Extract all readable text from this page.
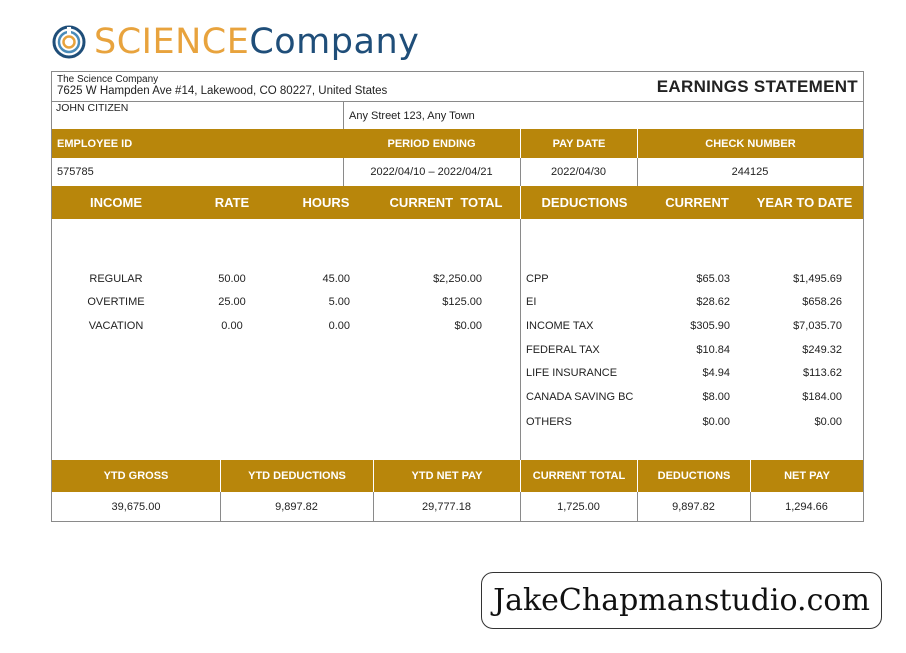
SCIENCECompany
The Science Company
7625 W Hampden Ave #14, Lakewood, CO 80227, United States	EARNINGS STATEMENT
JOHN CITIZEN
Any Street 123, Any Town
EMPLOYEE ID	PERIOD ENDING	PAY DATE	CHECK NUMBER
575785	2022/04/10 – 2022/04/21	2022/04/30	244125
INCOME	RATE	HOURS	CURRENT  TOTAL	DEDUCTIONS	CURRENT	YEAR TO DATE
REGULAR	50.00	45.00	$2,250.00
OVERTIME	25.00	5.00	$125.00
VACATION	0.00	0.00	$0.00
CPP	$65.03	$1,495.69
EI	$28.62	$658.26
INCOME TAX	$305.90	$7,035.70
FEDERAL TAX	$10.84	$249.32
LIFE INSURANCE	$4.94	$113.62
CANADA SAVING BC	$8.00	$184.00
OTHERS	$0.00	$0.00
YTD GROSS	YTD DEDUCTIONS	YTD NET PAY	CURRENT TOTAL	DEDUCTIONS	NET PAY
39,675.00	9,897.82	29,777.18	1,725.00	9,897.82	1,294.66
JakeChapmanstudio.com
